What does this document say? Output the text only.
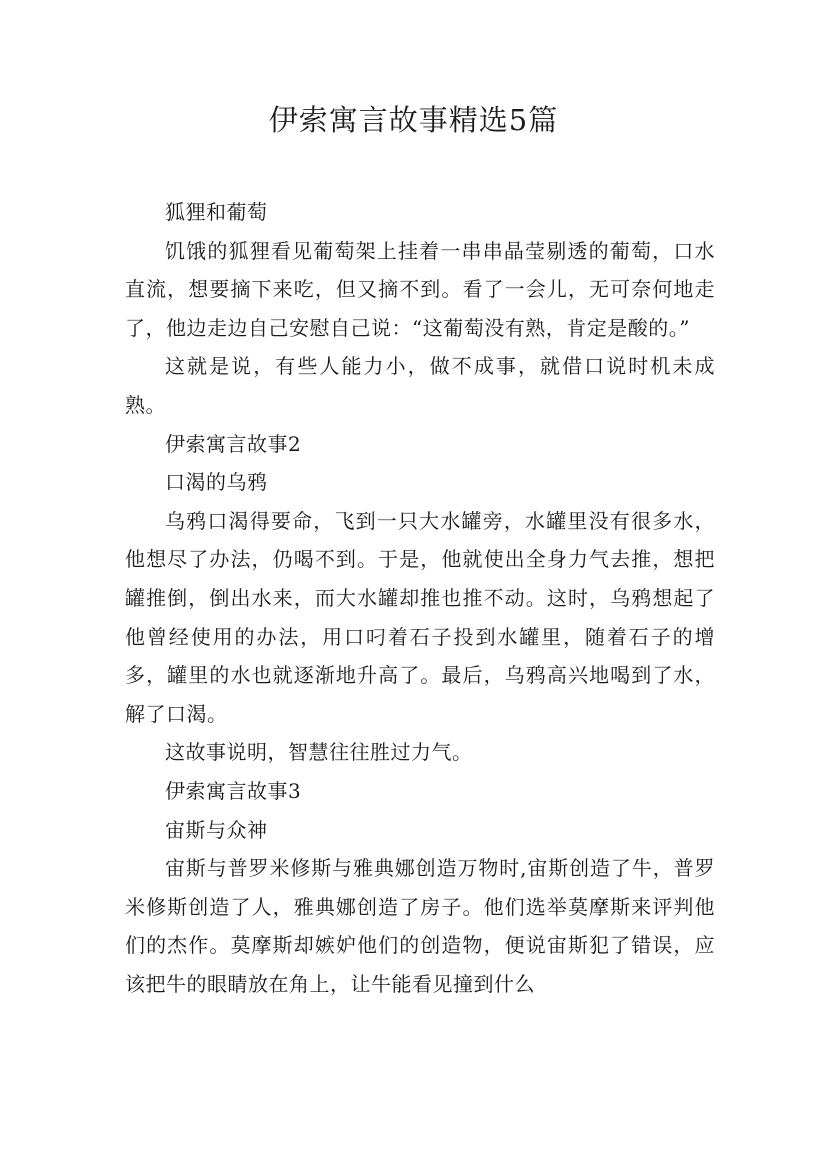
伊索寓言故事精选5篇

狐狸和葡萄

饥饿的狐狸看见葡萄架上挂着一串串晶莹剔透的葡萄，口水直流，想要摘下来吃，但又摘不到。看了一会儿，无可奈何地走了，他边走边自己安慰自己说：“这葡萄没有熟，肯定是酸的。”

这就是说，有些人能力小，做不成事，就借口说时机未成熟。

伊索寓言故事2

口渴的乌鸦

乌鸦口渴得要命，飞到一只大水罐旁，水罐里没有很多水，他想尽了办法，仍喝不到。于是，他就使出全身力气去推，想把罐推倒，倒出水来，而大水罐却推也推不动。这时，乌鸦想起了他曾经使用的办法，用口叼着石子投到水罐里，随着石子的增多，罐里的水也就逐渐地升高了。最后，乌鸦高兴地喝到了水，解了口渴。

这故事说明，智慧往往胜过力气。

伊索寓言故事3

宙斯与众神

宙斯与普罗米修斯与雅典娜创造万物时,宙斯创造了牛，普罗米修斯创造了人，雅典娜创造了房子。他们选举莫摩斯来评判他们的杰作。莫摩斯却嫉妒他们的创造物，便说宙斯犯了错误，应该把牛的眼睛放在角上，让牛能看见撞到什么
